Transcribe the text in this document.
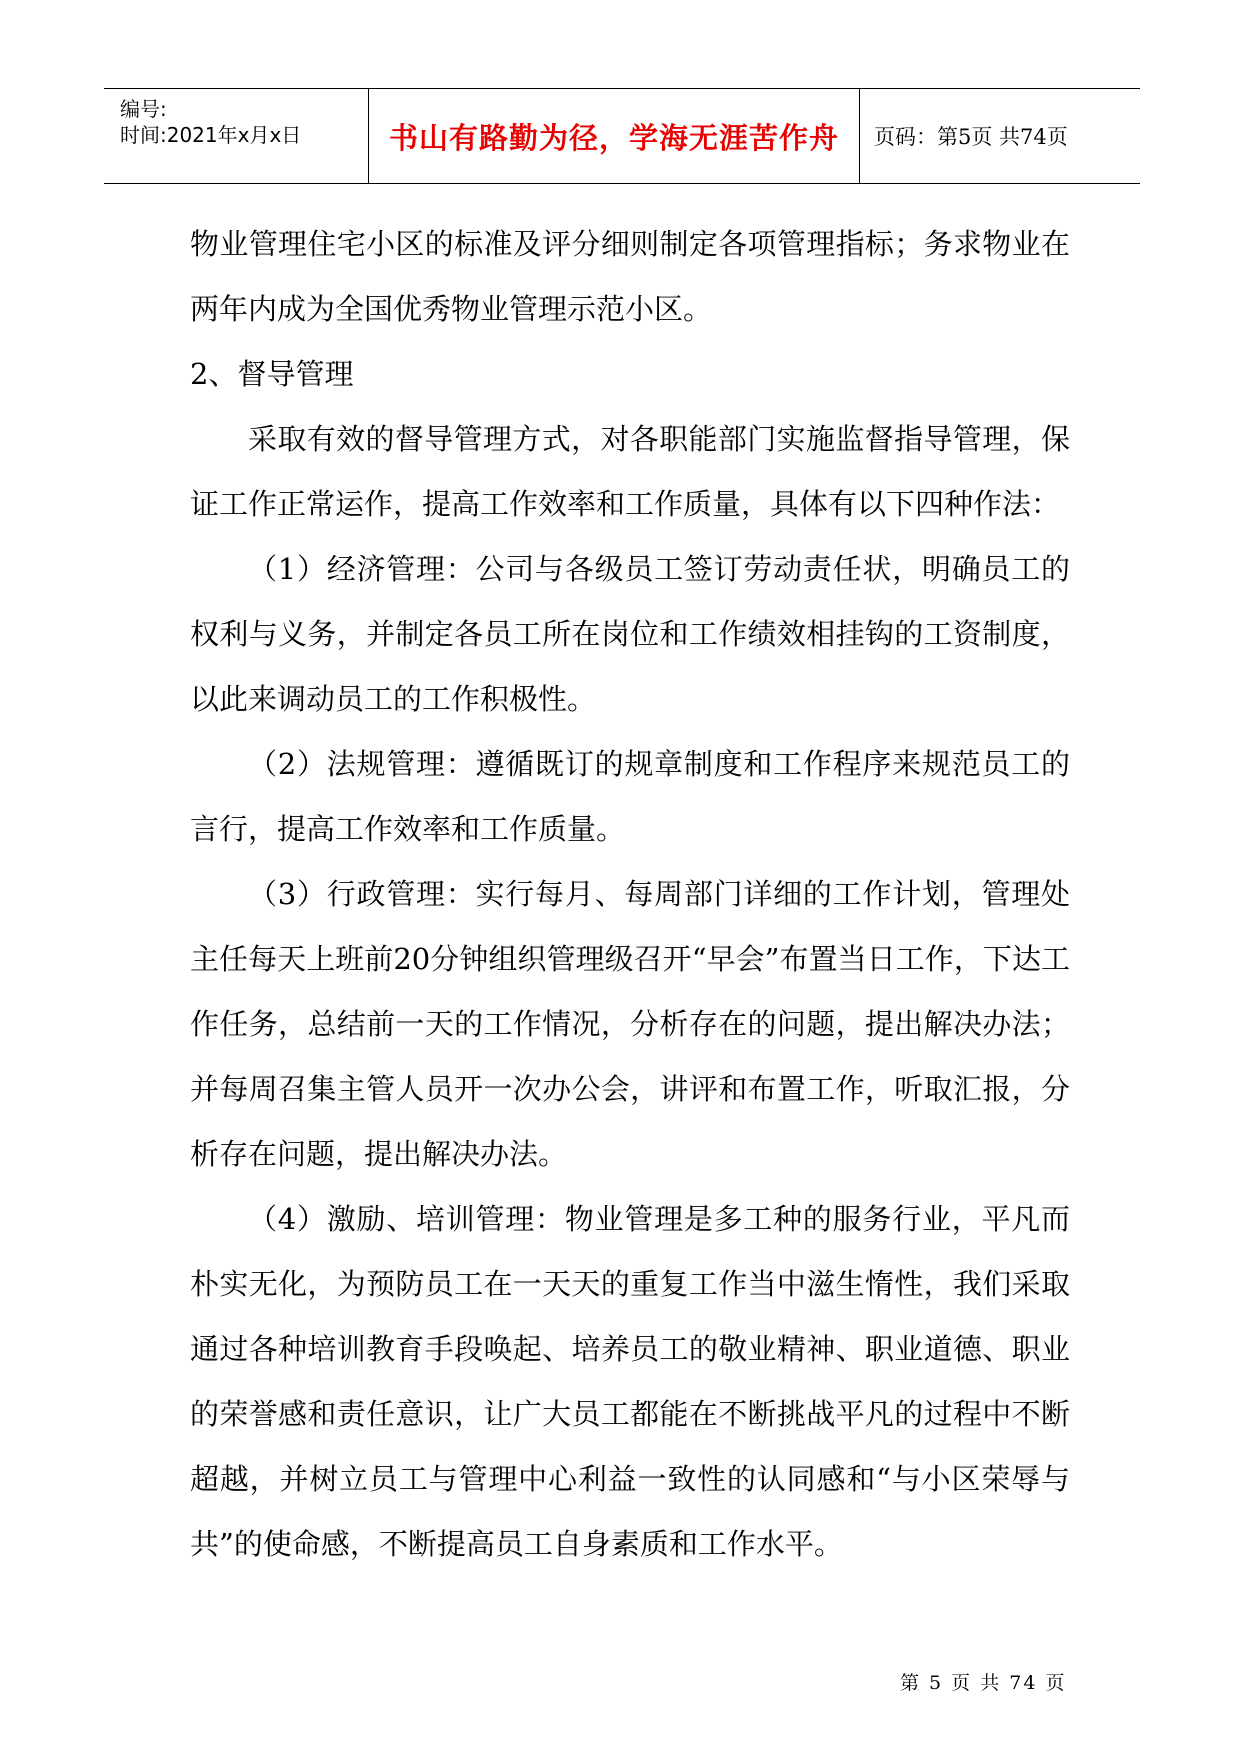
编号:
时间:2021年x月x日	书山有路勤为径，学海无涯苦作舟 页码：第5页 共74页

物业管理住宅小区的标准及评分细则制定各项管理指标；务求物业在两年内成为全国优秀物业管理示范小区。

2、督导管理

采取有效的督导管理方式，对各职能部门实施监督指导管理，保证工作正常运作，提高工作效率和工作质量，具体有以下四种作法：

（1）经济管理：公司与各级员工签订劳动责任状，明确员工的权利与义务，并制定各员工所在岗位和工作绩效相挂钩的工资制度，以此来调动员工的工作积极性。

（2）法规管理：遵循既订的规章制度和工作程序来规范员工的言行，提高工作效率和工作质量。

（3）行政管理：实行每月、每周部门详细的工作计划，管理处主任每天上班前20分钟组织管理级召开“早会”布置当日工作，下达工作任务，总结前一天的工作情况，分析存在的问题，提出解决办法；并每周召集主管人员开一次办公会，讲评和布置工作，听取汇报，分析存在问题，提出解决办法。

（4）激励、培训管理：物业管理是多工种的服务行业，平凡而朴实无化，为预防员工在一天天的重复工作当中滋生惰性，我们采取通过各种培训教育手段唤起、培养员工的敬业精神、职业道德、职业的荣誉感和责任意识，让广大员工都能在不断挑战平凡的过程中不断超越，并树立员工与管理中心利益一致性的认同感和“与小区荣辱与共”的使命感，不断提高员工自身素质和工作水平。

第 5 页 共 74 页
